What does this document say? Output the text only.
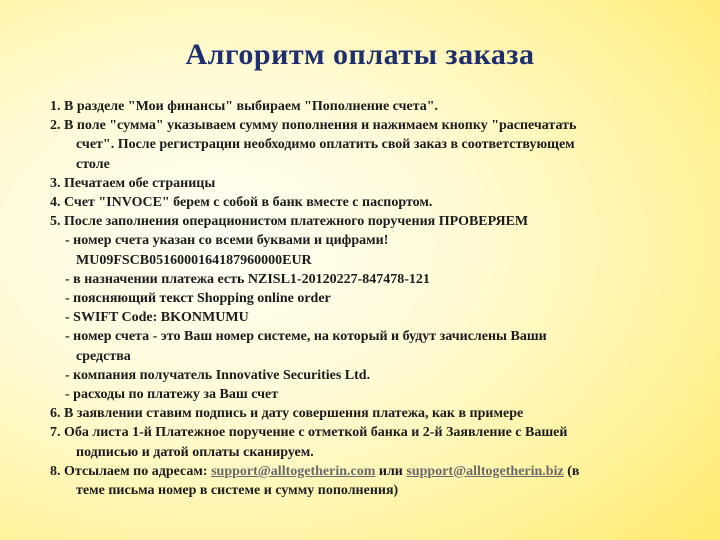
Алгоритм оплаты заказа
1. В разделе "Мои финансы" выбираем "Пополнение счета".
2. В поле "сумма" указываем сумму пополнения и нажимаем кнопку "распечатать
счет". После регистрации необходимо оплатить свой заказ в соответствующем
столе
3. Печатаем обе страницы
4. Счет "INVOCE" берем с собой в банк вместе с паспортом.
5. После заполнения операционистом платежного поручения ПРОВЕРЯЕМ
- номер счета указан со всеми буквами и цифрами!
MU09FSCB0516000164187960000EUR
- в назначении платежа есть NZISL1-20120227-847478-121
- поясняющий текст Shopping online order
- SWIFT Code: BKONMUMU
- номер счета - это Ваш номер системе, на который и будут зачислены Ваши
средства
- компания получатель Innovative Securities Ltd.
- расходы по платежу за Ваш счет
6. В заявлении ставим подпись и дату совершения платежа, как в примере
7. Оба листа 1-й Платежное поручение с отметкой банка и 2-й Заявление с Вашей
подписью и датой оплаты сканируем.
8. Отсылаем по адресам: support@alltogetherin.com или support@alltogetherin.biz (в
теме письма номер в системе и сумму пополнения)
